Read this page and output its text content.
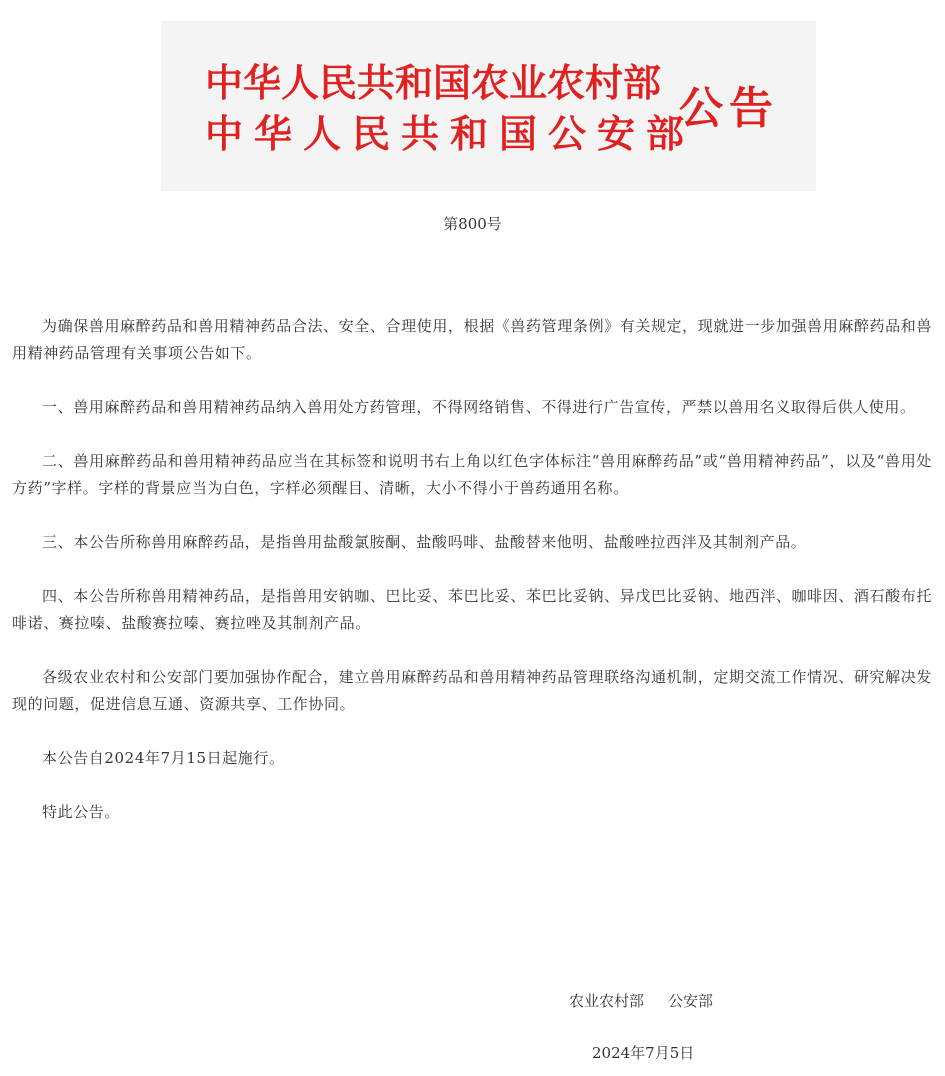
中华人民共和国农业农村部
中华人民共和国公安部
公告
第800号

为确保兽用麻醉药品和兽用精神药品合法、安全、合理使用，根据《兽药管理条例》有关规定，现就进一步加强兽用麻醉药品和兽用精神药品管理有关事项公告如下。

一、兽用麻醉药品和兽用精神药品纳入兽用处方药管理，不得网络销售、不得进行广告宣传，严禁以兽用名义取得后供人使用。

二、兽用麻醉药品和兽用精神药品应当在其标签和说明书右上角以红色字体标注“兽用麻醉药品”或“兽用精神药品”，以及“兽用处方药”字样。字样的背景应当为白色，字样必须醒目、清晰，大小不得小于兽药通用名称。

三、本公告所称兽用麻醉药品，是指兽用盐酸氯胺酮、盐酸吗啡、盐酸替来他明、盐酸唑拉西泮及其制剂产品。

四、本公告所称兽用精神药品，是指兽用安钠咖、巴比妥、苯巴比妥、苯巴比妥钠、异戊巴比妥钠、地西泮、咖啡因、酒石酸布托啡诺、赛拉嗪、盐酸赛拉嗪、赛拉唑及其制剂产品。

各级农业农村和公安部门要加强协作配合，建立兽用麻醉药品和兽用精神药品管理联络沟通机制，定期交流工作情况、研究解决发现的问题，促进信息互通、资源共享、工作协同。

本公告自2024年7月15日起施行。

特此公告。

农业农村部 公安部
2024年7月5日
